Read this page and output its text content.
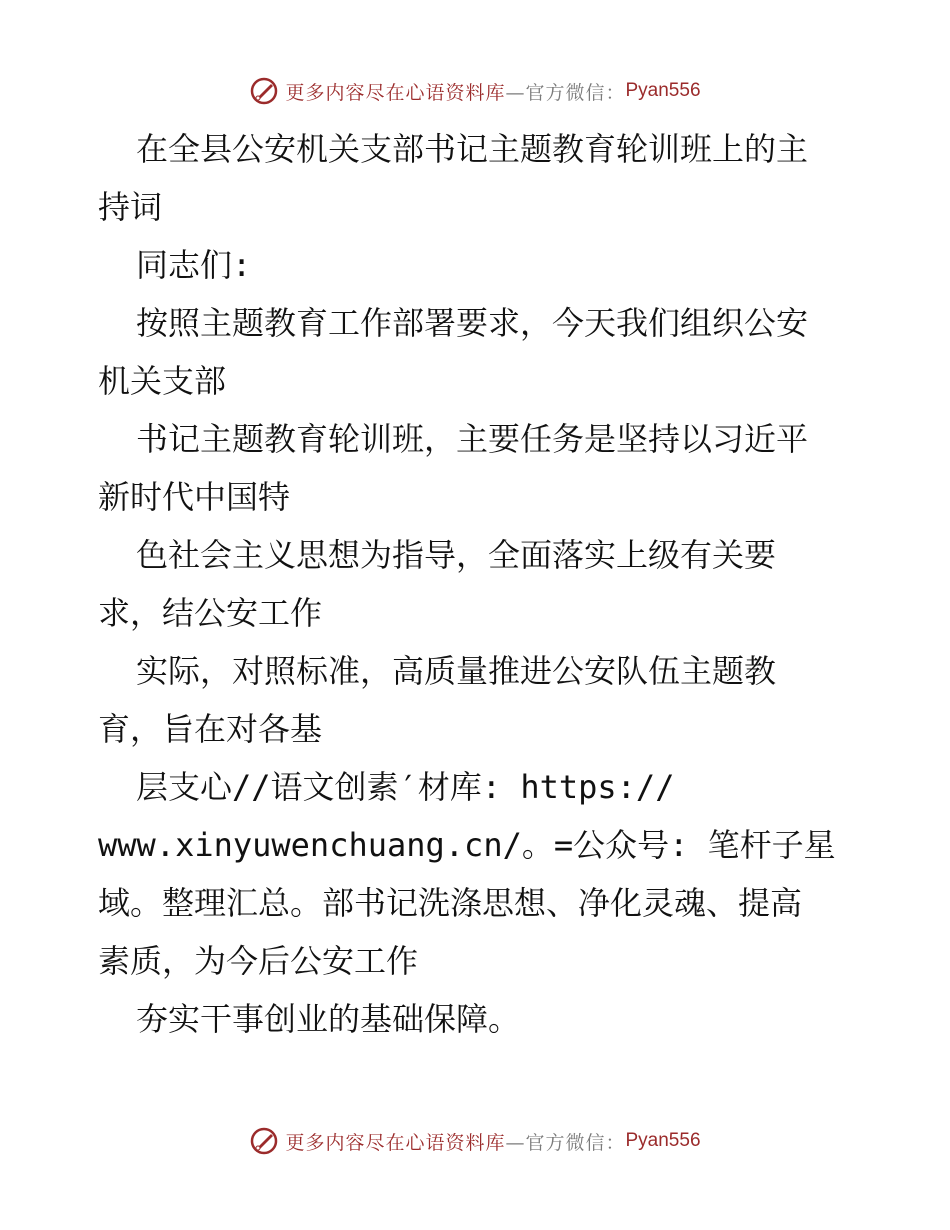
更多内容尽在心语资料库 —官方微信： Pyan556
在全县公安机关支部书记主题教育轮训班上的主
持词
同志们:
按照主题教育工作部署要求，今天我们组织公安
机关支部
书记主题教育轮训班，主要任务是坚持以习近平
新时代中国特
色社会主义思想为指导，全面落实上级有关要
求，结公安工作
实际，对照标准，高质量推进公安队伍主题教
育，旨在对各基
层支心//语文创素′材库: https://
www.xinyuwenchuang.cn/。=公众号: 笔杆子星
域。整理汇总。部书记洗涤思想、净化灵魂、提高
素质，为今后公安工作
夯实干事创业的基础保障。
更多内容尽在心语资料库 —官方微信： Pyan556
